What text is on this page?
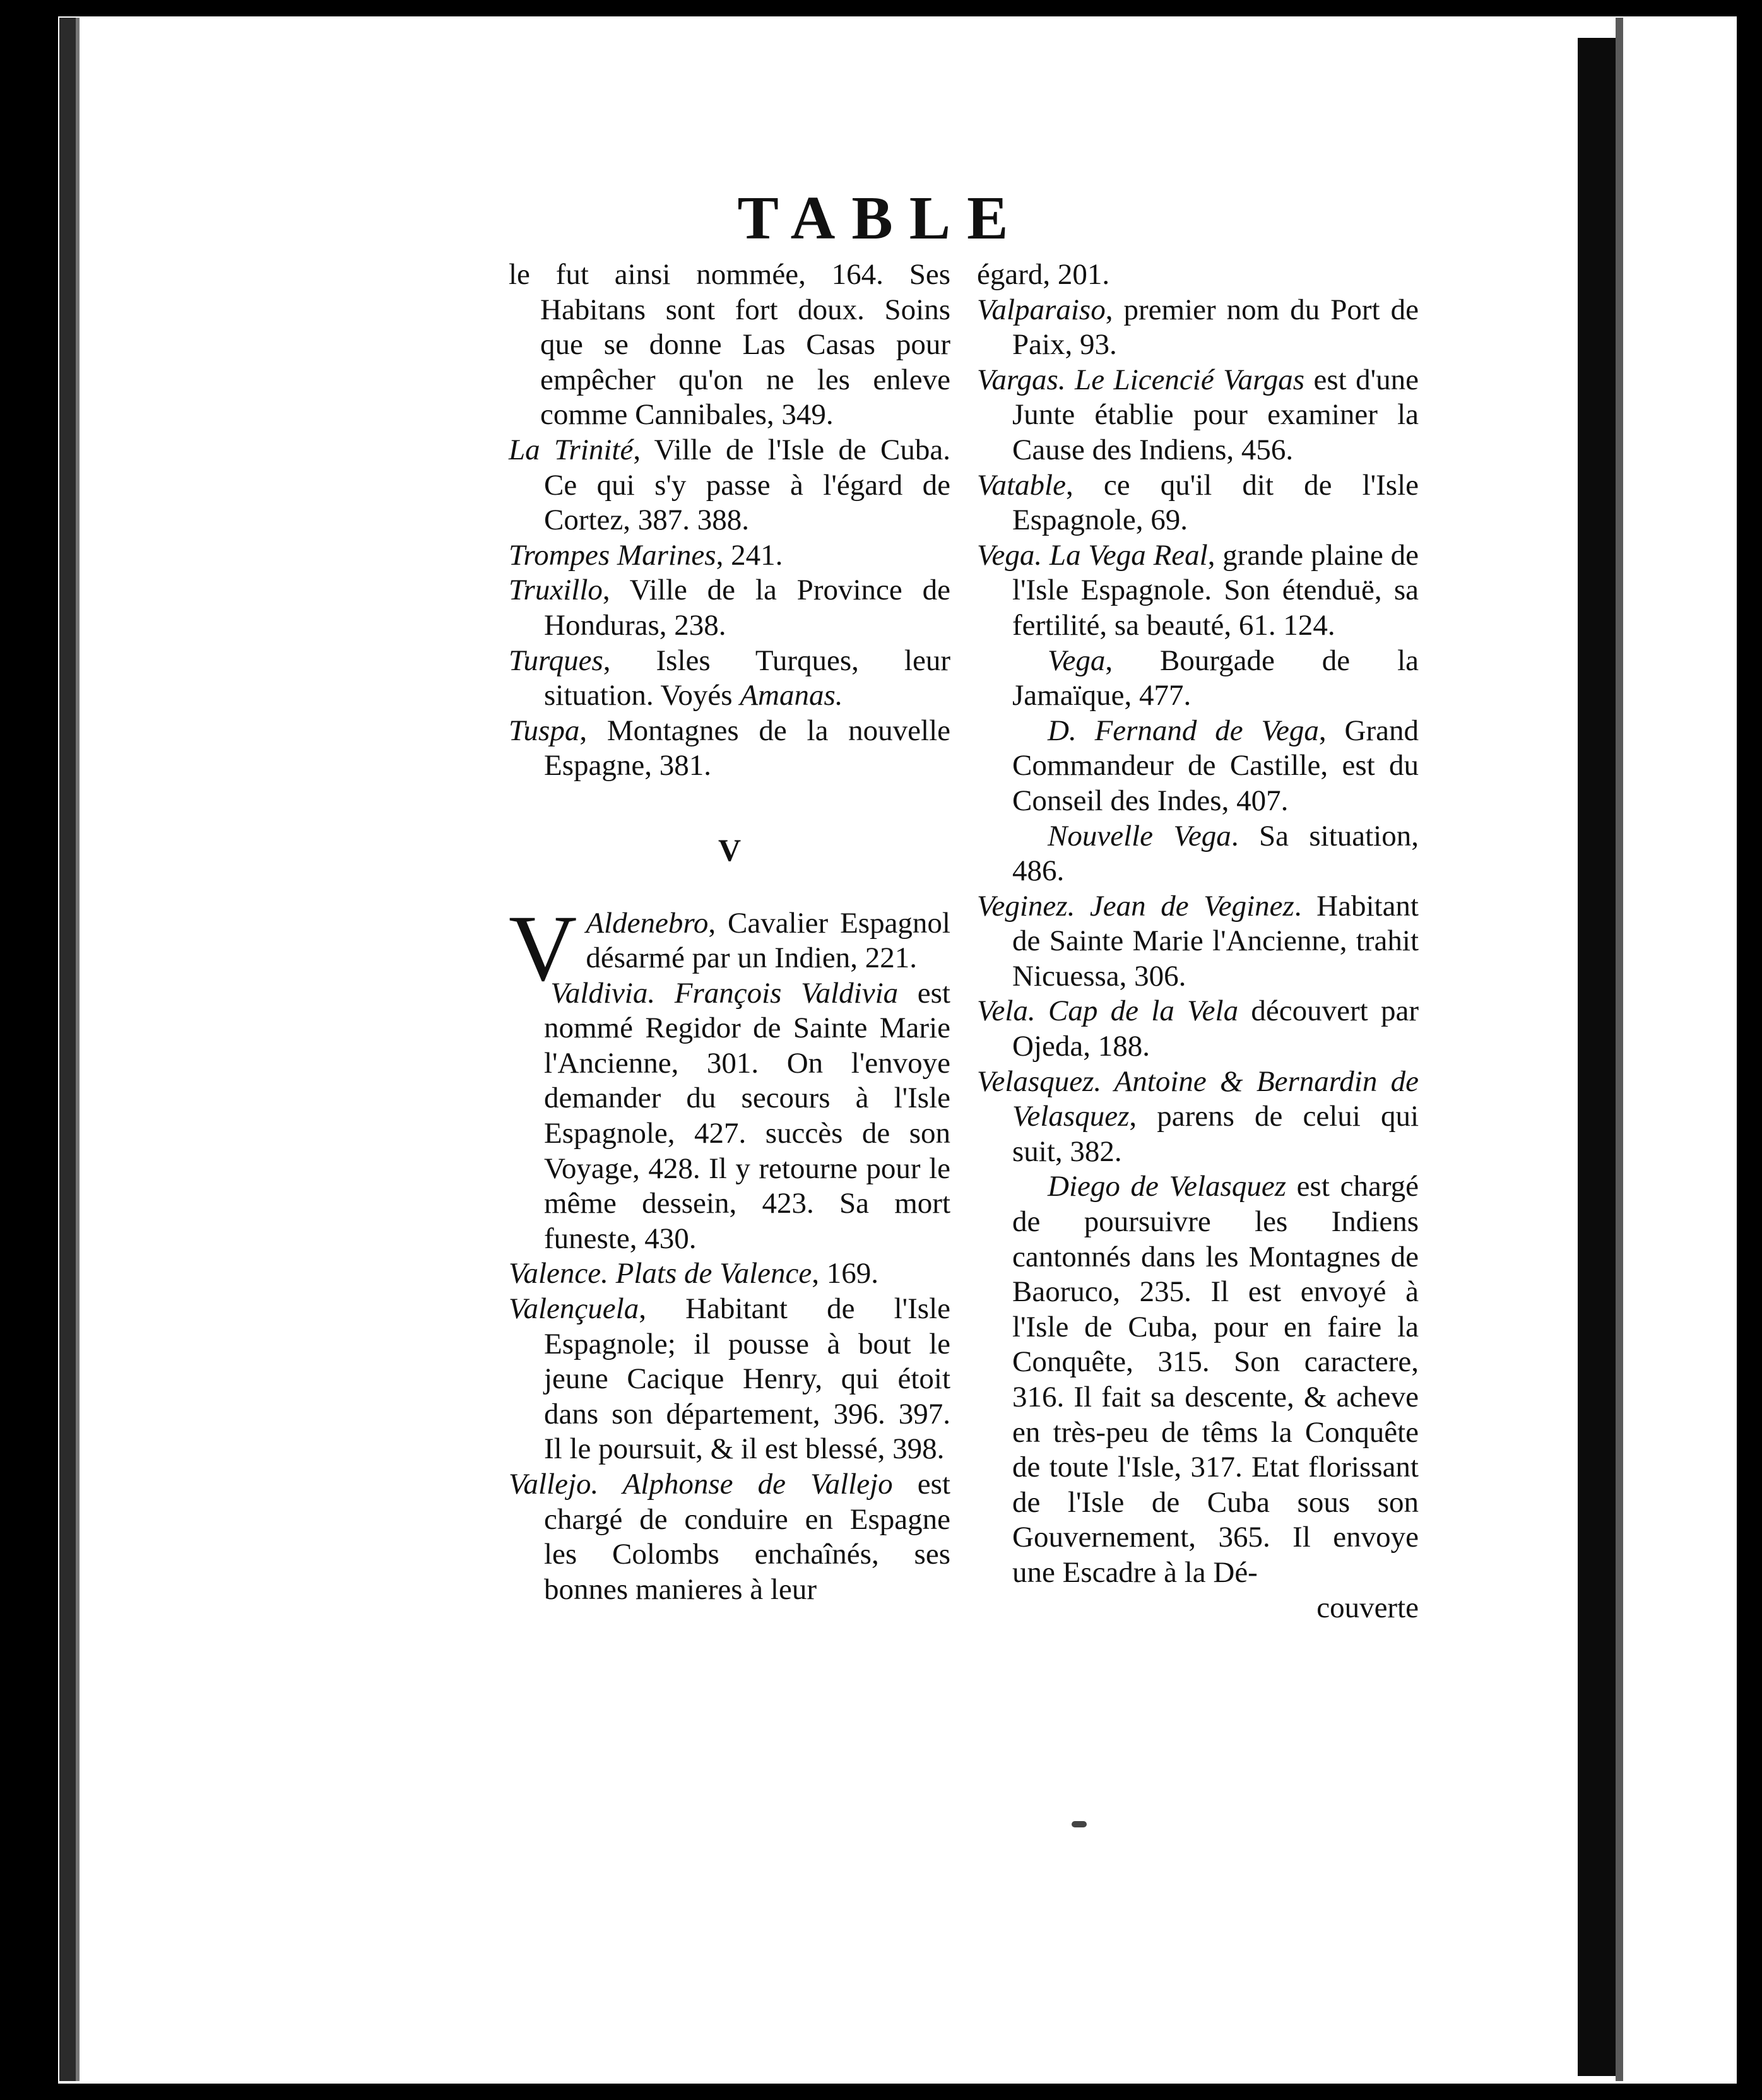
TABLE

le fut ainsi nommée, 164. Ses Habitans sont fort doux. Soins que se donne Las Casas pour empêcher qu'on ne les enleve comme Cannibales, 349.

La Trinité, Ville de l'Isle de Cuba. Ce qui s'y passe à l'égard de Cortez, 387. 388.

Trompes Marines, 241.

Truxillo, Ville de la Province de Honduras, 238.

Turques, Isles Turques, leur situation. Voyés Amanas.

Tuspa, Montagnes de la nouvelle Espagne, 381.

V

V Aldenebro, Cavalier Espagnol désarmé par un Indien, 221.

Valdivia. François Valdivia est nommé Regidor de Sainte Marie l'Ancienne, 301. On l'envoye demander du secours à l'Isle Espagnole, 427. succès de son Voyage, 428. Il y retourne pour le même dessein, 423. Sa mort funeste, 430.

Valence. Plats de Valence, 169.

Valençuela, Habitant de l'Isle Espagnole; il pousse à bout le jeune Cacique Henry, qui étoit dans son département, 396. 397. Il le poursuit, & il est blessé, 398.

Vallejo. Alphonse de Vallejo est chargé de conduire en Espagne les Colombs enchaînés, ses bonnes manieres à leur

égard, 201.

Valparaiso, premier nom du Port de Paix, 93.

Vargas. Le Licencié Vargas est d'une Junte établie pour examiner la Cause des Indiens, 456.

Vatable, ce qu'il dit de l'Isle Espagnole, 69.

Vega. La Vega Real, grande plaine de l'Isle Espagnole. Son étenduë, sa fertilité, sa beauté, 61. 124.

Vega, Bourgade de la Jamaïque, 477.

D. Fernand de Vega, Grand Commandeur de Castille, est du Conseil des Indes, 407.

Nouvelle Vega. Sa situation, 486.

Veginez. Jean de Veginez. Habitant de Sainte Marie l'Ancienne, trahit Nicuessa, 306.

Vela. Cap de la Vela découvert par Ojeda, 188.

Velasquez. Antoine & Bernardin de Velasquez, parens de celui qui suit, 382.

Diego de Velasquez est chargé de poursuivre les Indiens cantonnés dans les Montagnes de Baoruco, 235. Il est envoyé à l'Isle de Cuba, pour en faire la Conquête, 315. Son caractere, 316. Il fait sa descente, & acheve en très-peu de têms la Conquête de toute l'Isle, 317. Etat florissant de l'Isle de Cuba sous son Gouvernement, 365. Il envoye une Escadre à la Dé-

couverte
